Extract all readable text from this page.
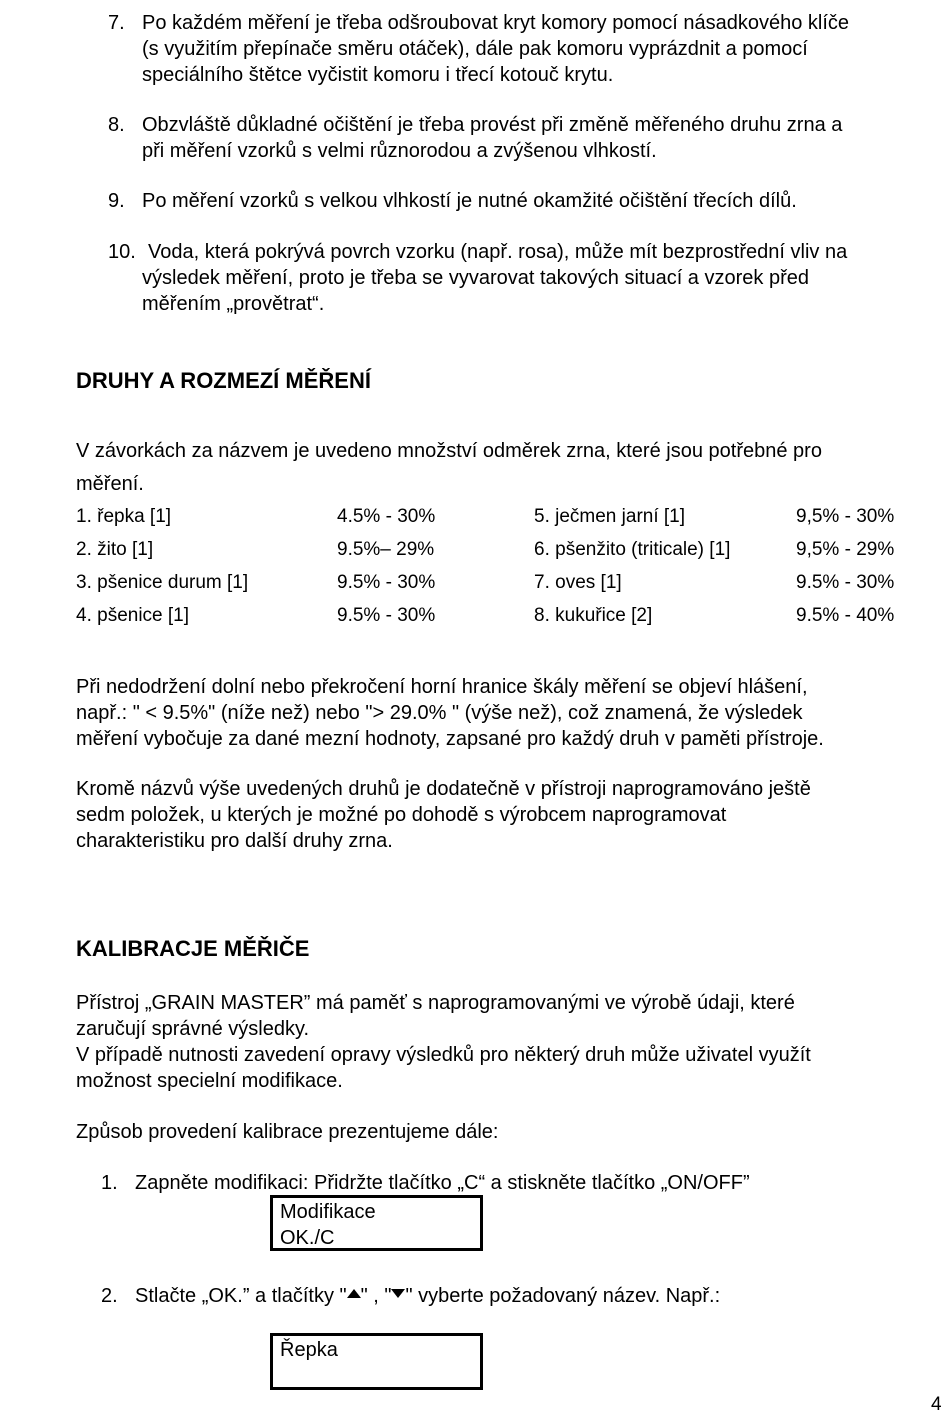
7. Po každém měření je třeba odšroubovat kryt komory pomocí násadkového klíče
(s využitím přepínače směru otáček), dále pak komoru vyprázdnit a pomocí
speciálního štětce vyčistit komoru i třecí kotouč krytu.
8. Obzvláště důkladné očištění je třeba provést při změně měřeného druhu zrna a
při měření vzorků s velmi různorodou a zvýšenou vlhkostí.
9. Po měření vzorků s velkou vlhkostí je nutné okamžité očištění třecích dílů.
10. Voda, která pokrývá povrch vzorku (např. rosa), může mít bezprostřední vliv na
výsledek měření, proto je třeba se vyvarovat takových situací a vzorek před
měřením „provětrat“.
DRUHY A ROZMEZÍ MĚŘENÍ
V závorkách za názvem je uvedeno množství odměrek zrna, které jsou potřebné pro
měření.
1. řepka [1]	4.5% - 30%	5. ječmen jarní [1]	9,5% - 30%
2. žito [1]	9.5%– 29%	6. pšenžito (triticale) [1]	9,5% - 29%
3. pšenice durum [1]	9.5% - 30%	7. oves [1]	9.5% - 30%
4. pšenice [1]	9.5% - 30%	8. kukuřice [2]	9.5% - 40%
Při nedodržení dolní nebo překročení horní hranice škály měření se objeví hlášení,
např.: " < 9.5%" (níže než) nebo "> 29.0% " (výše než), což znamená, že výsledek
měření vybočuje za dané mezní hodnoty, zapsané pro každý druh v paměti přístroje.
Kromě názvů výše uvedených druhů je dodatečně v přístroji naprogramováno ještě
sedm položek, u kterých je možné po dohodě s výrobcem naprogramovat
charakteristiku pro další druhy zrna.
KALIBRACJE MĚŘIČE
Přístroj „GRAIN MASTER” má paměť s naprogramovanými ve výrobě údaji, které
zaručují správné výsledky.
V případě nutnosti zavedení opravy výsledků pro některý druh může uživatel využít
možnost specielní modifikace.
Způsob provedení kalibrace prezentujeme dále:
1. Zapněte modifikaci: Přidržte tlačítko „C“ a stiskněte tlačítko „ON/OFF”
Modifikace
OK./C
2. Stlačte „OK.” a tlačítky " " , " " vyberte požadovaný název. Např.:
Řepka
4
